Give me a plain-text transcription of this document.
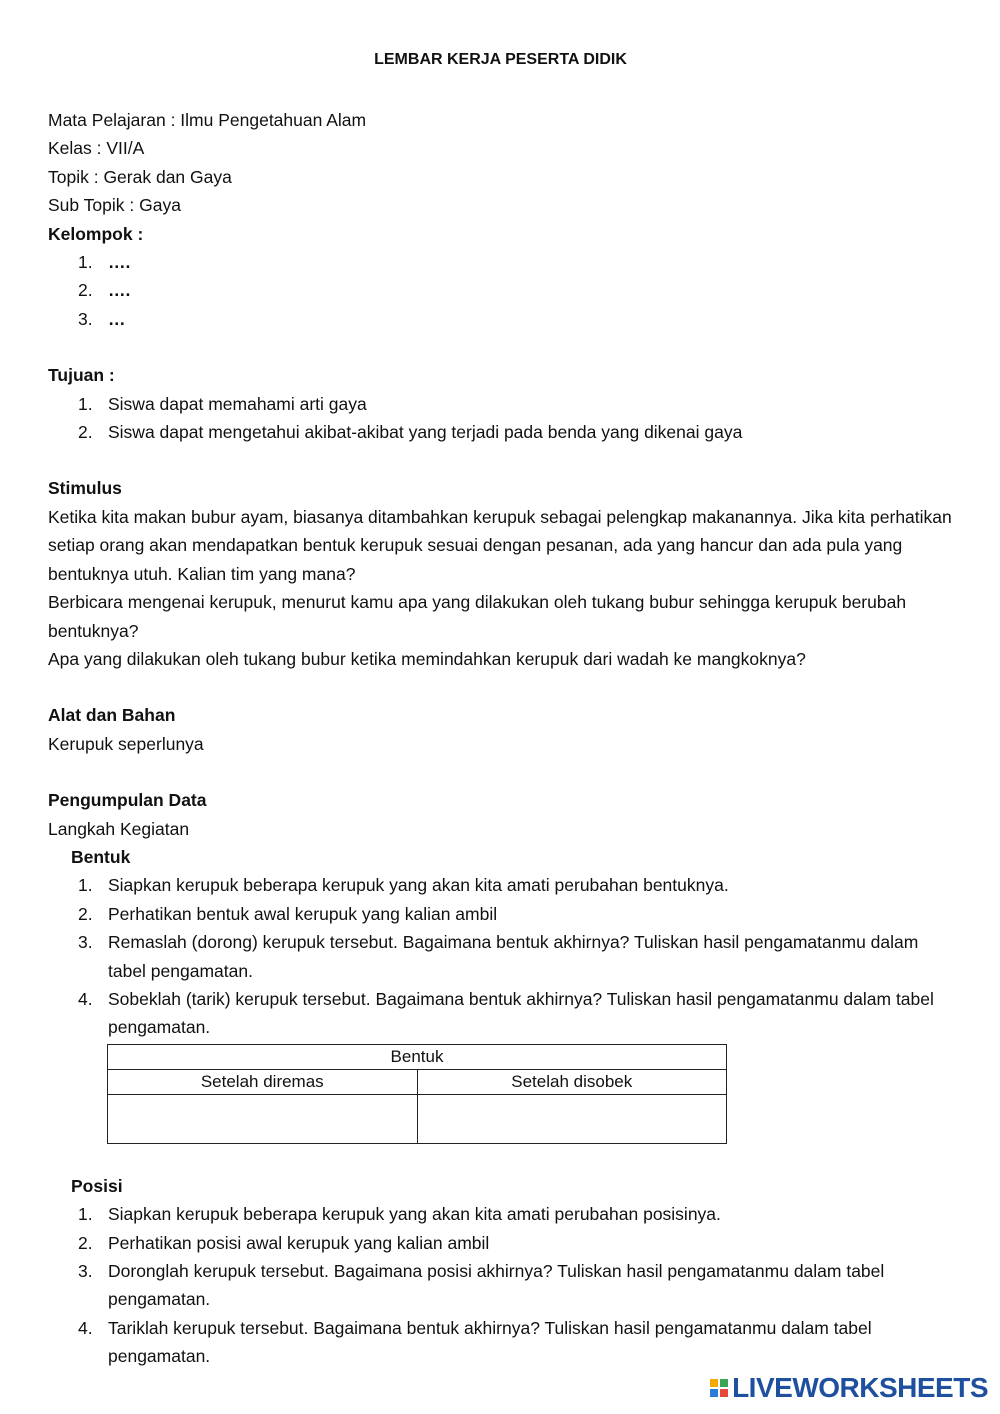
LEMBAR KERJA PESERTA DIDIK

Mata Pelajaran : Ilmu Pengetahuan Alam

Kelas : VII/A

Topik : Gerak dan Gaya

Sub Topik : Gaya

Kelompok :

1. ….
2. ….
3. …

Tujuan :

1. Siswa dapat memahami arti gaya
2. Siswa dapat mengetahui akibat-akibat yang terjadi pada benda yang dikenai gaya

Stimulus

Ketika kita makan bubur ayam, biasanya ditambahkan kerupuk sebagai pelengkap makanannya. Jika kita perhatikan setiap orang akan mendapatkan bentuk kerupuk sesuai dengan pesanan, ada yang hancur dan ada pula yang bentuknya utuh. Kalian tim yang mana?

Berbicara mengenai kerupuk, menurut kamu apa yang dilakukan oleh tukang bubur sehingga kerupuk berubah bentuknya?

Apa yang dilakukan oleh tukang bubur ketika memindahkan kerupuk dari wadah ke mangkoknya?

Alat dan Bahan

Kerupuk seperlunya

Pengumpulan Data

Langkah Kegiatan

Bentuk
1. Siapkan kerupuk beberapa kerupuk yang akan kita amati perubahan bentuknya.
2. Perhatikan bentuk awal kerupuk yang kalian ambil
3. Remaslah (dorong) kerupuk tersebut. Bagaimana bentuk akhirnya? Tuliskan hasil pengamatanmu dalam tabel pengamatan.
4. Sobeklah (tarik) kerupuk tersebut. Bagaimana bentuk akhirnya? Tuliskan hasil pengamatanmu dalam tabel pengamatan.
Bentuk	
Setelah diremas	Setelah disobek

Posisi
1. Siapkan kerupuk beberapa kerupuk yang akan kita amati perubahan posisinya.
2. Perhatikan posisi awal kerupuk yang kalian ambil
3. Doronglah kerupuk tersebut. Bagaimana posisi akhirnya? Tuliskan hasil pengamatanmu dalam tabel pengamatan.
4. Tariklah kerupuk tersebut. Bagaimana bentuk akhirnya? Tuliskan hasil pengamatanmu dalam tabel pengamatan.
LIVEWORKSHEETS
